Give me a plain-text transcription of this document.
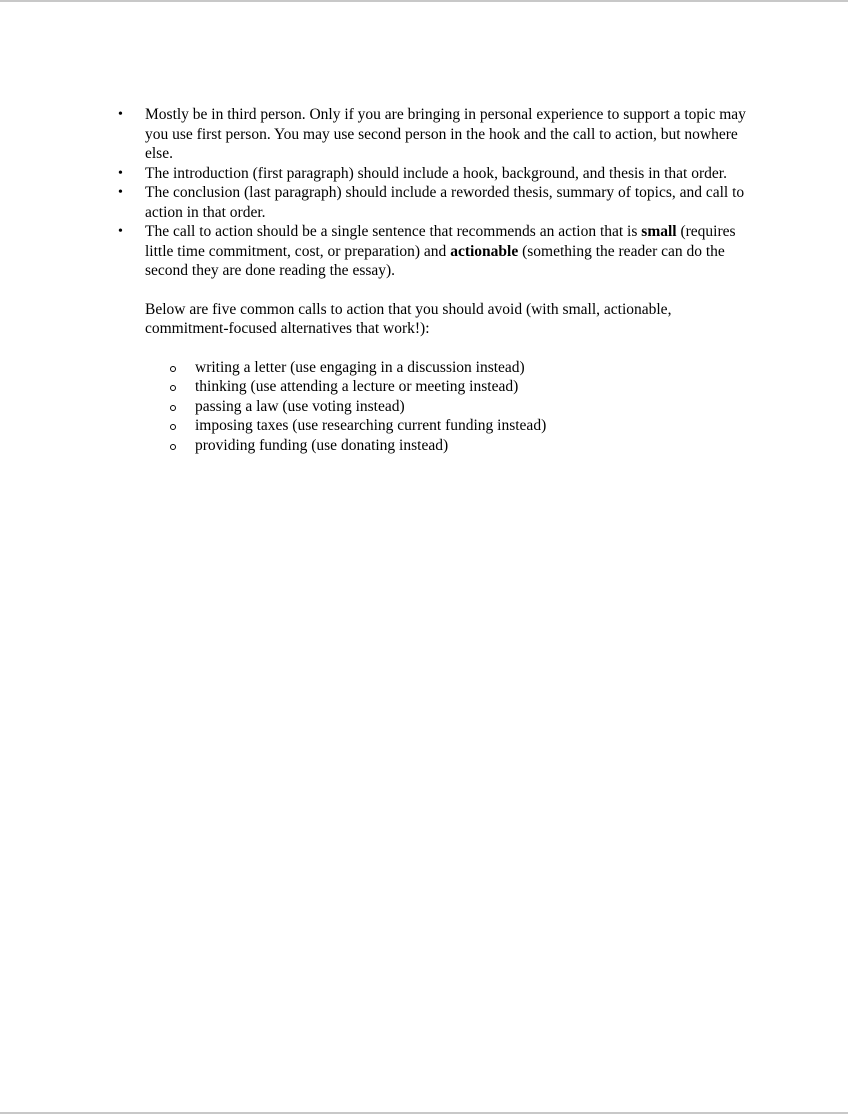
• Mostly be in third person. Only if you are bringing in personal experience to support a topic may you use first person. You may use second person in the hook and the call to action, but nowhere else.
• The introduction (first paragraph) should include a hook, background, and thesis in that order.
• The conclusion (last paragraph) should include a reworded thesis, summary of topics, and call to action in that order.
• The call to action should be a single sentence that recommends an action that is small (requires little time commitment, cost, or preparation) and actionable (something the reader can do the second they are done reading the essay).

Below are five common calls to action that you should avoid (with small, actionable, commitment-focused alternatives that work!):

writing a letter (use engaging in a discussion instead)
thinking (use attending a lecture or meeting instead)
passing a law (use voting instead)
imposing taxes (use researching current funding instead)
providing funding (use donating instead)
